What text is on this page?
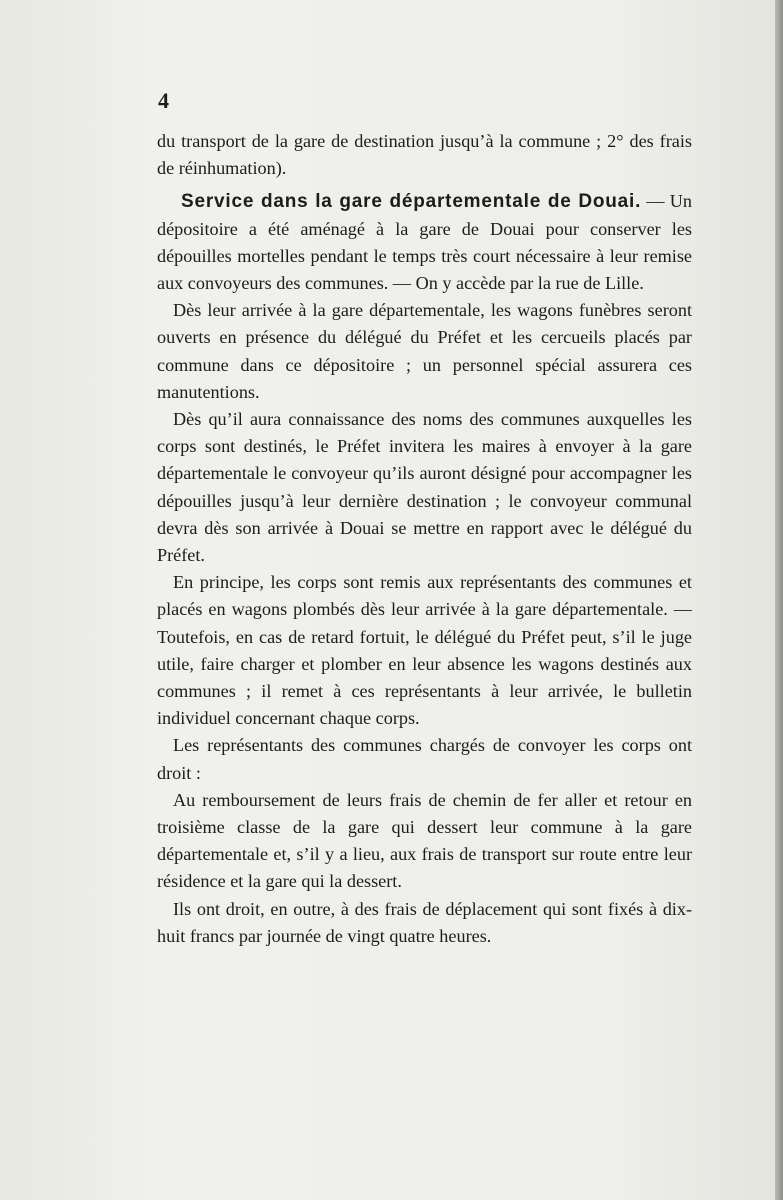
4

du transport de la gare de destination jusqu’à la commune ; 2° des frais de réinhumation).

Service dans la gare départementale de Douai. — Un dépositoire a été aménagé à la gare de Douai pour conserver les dépouilles mortelles pendant le temps très court nécessaire à leur remise aux convoyeurs des communes. — On y accède par la rue de Lille.

Dès leur arrivée à la gare départementale, les wagons funèbres seront ouverts en présence du délégué du Préfet et les cercueils placés par commune dans ce dépositoire ; un personnel spécial assurera ces manutentions.

Dès qu’il aura connaissance des noms des communes auxquelles les corps sont destinés, le Préfet invitera les maires à envoyer à la gare départementale le convoyeur qu’ils auront désigné pour accompagner les dépouilles jusqu’à leur dernière destination ; le convoyeur communal devra dès son arrivée à Douai se mettre en rapport avec le délégué du Préfet.

En principe, les corps sont remis aux représentants des communes et placés en wagons plombés dès leur arrivée à la gare départementale. — Toutefois, en cas de retard fortuit, le délégué du Préfet peut, s’il le juge utile, faire charger et plomber en leur absence les wagons destinés aux communes ; il remet à ces représentants à leur arrivée, le bulletin individuel concernant chaque corps.

Les représentants des communes chargés de convoyer les corps ont droit :

Au remboursement de leurs frais de chemin de fer aller et retour en troisième classe de la gare qui dessert leur commune à la gare départementale et, s’il y a lieu, aux frais de transport sur route entre leur résidence et la gare qui la dessert.

Ils ont droit, en outre, à des frais de déplacement qui sont fixés à dix-huit francs par journée de vingt quatre heures.
